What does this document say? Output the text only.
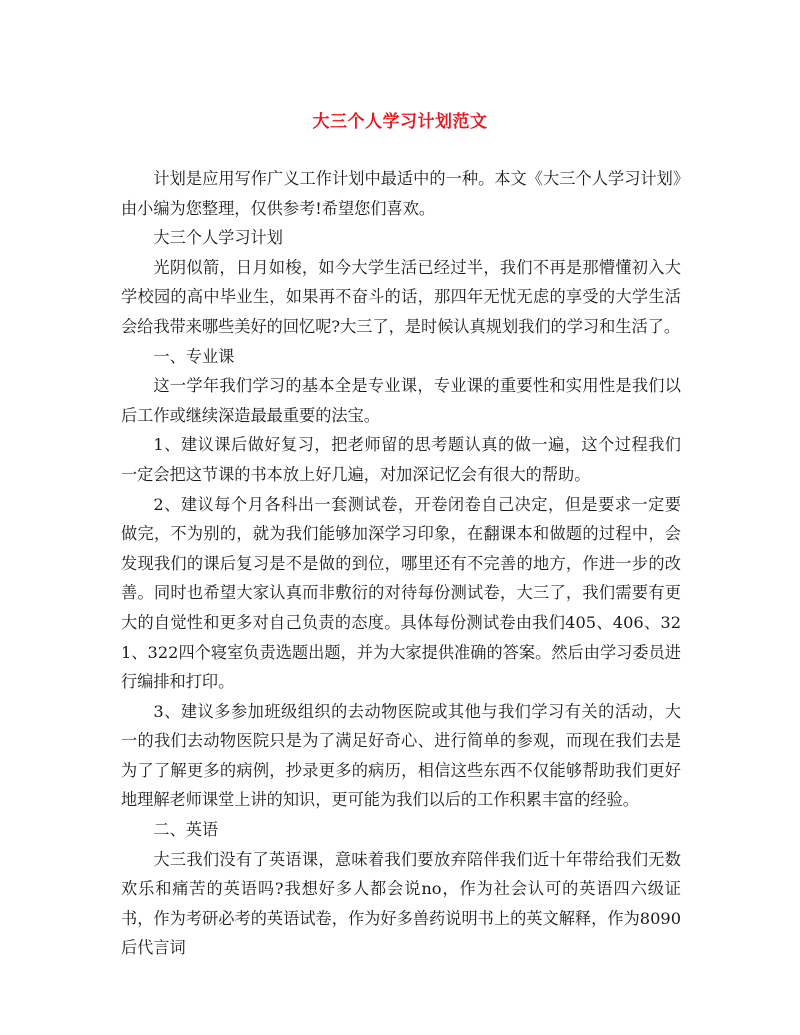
大三个人学习计划范文

计划是应用写作广义工作计划中最适中的一种。本文《大三个人学习计划》由小编为您整理，仅供参考!希望您们喜欢。

大三个人学习计划

光阴似箭，日月如梭，如今大学生活已经过半，我们不再是那懵懂初入大学校园的高中毕业生，如果再不奋斗的话，那四年无忧无虑的享受的大学生活会给我带来哪些美好的回忆呢?大三了，是时候认真规划我们的学习和生活了。

一、专业课

这一学年我们学习的基本全是专业课，专业课的重要性和实用性是我们以后工作或继续深造最最重要的法宝。

1、建议课后做好复习，把老师留的思考题认真的做一遍，这个过程我们一定会把这节课的书本放上好几遍，对加深记忆会有很大的帮助。

2、建议每个月各科出一套测试卷，开卷闭卷自己决定，但是要求一定要做完，不为别的，就为我们能够加深学习印象，在翻课本和做题的过程中，会发现我们的课后复习是不是做的到位，哪里还有不完善的地方，作进一步的改善。同时也希望大家认真而非敷衍的对待每份测试卷，大三了，我们需要有更大的自觉性和更多对自己负责的态度。具体每份测试卷由我们405、406、321、322四个寝室负责选题出题，并为大家提供准确的答案。然后由学习委员进行编排和打印。

3、建议多参加班级组织的去动物医院或其他与我们学习有关的活动，大一的我们去动物医院只是为了满足好奇心、进行简单的参观，而现在我们去是为了了解更多的病例，抄录更多的病历，相信这些东西不仅能够帮助我们更好地理解老师课堂上讲的知识，更可能为我们以后的工作积累丰富的经验。

二、英语

大三我们没有了英语课，意味着我们要放弃陪伴我们近十年带给我们无数欢乐和痛苦的英语吗?我想好多人都会说no，作为社会认可的英语四六级证书，作为考研必考的英语试卷，作为好多兽药说明书上的英文解释，作为8090后代言词
